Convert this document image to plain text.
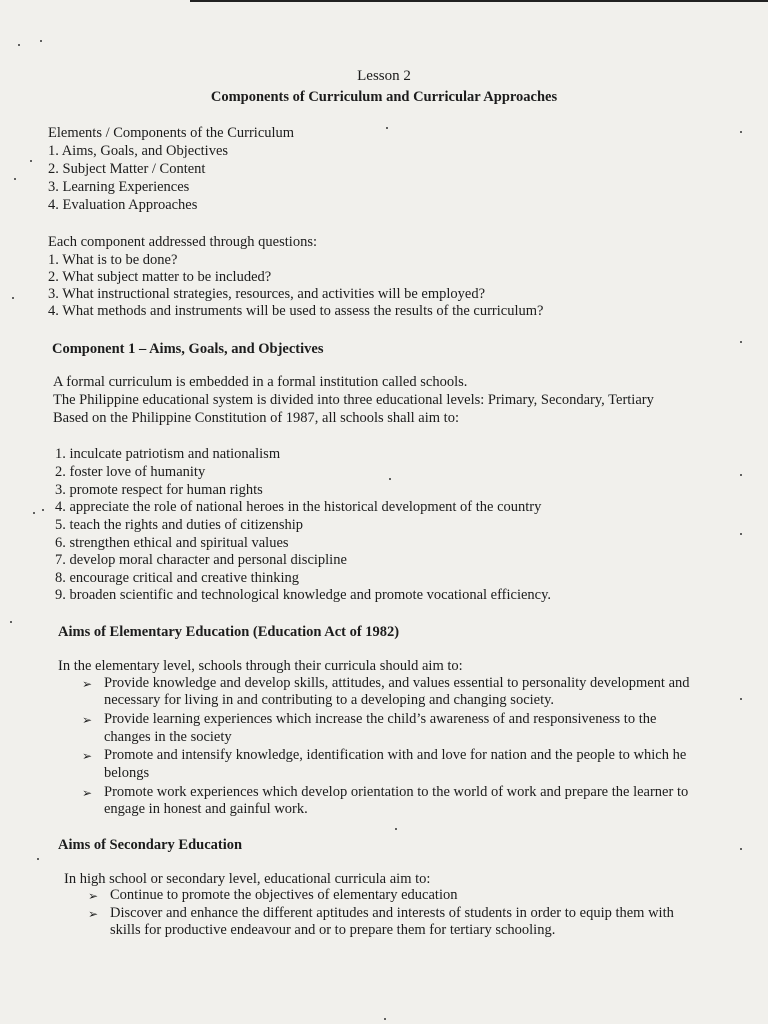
Lesson 2
Components of Curriculum and Curricular Approaches
Elements / Components of the Curriculum
1. Aims, Goals, and Objectives
2. Subject Matter / Content
3. Learning Experiences
4. Evaluation Approaches
Each component addressed through questions:
1. What is to be done?
2. What subject matter to be included?
3. What instructional strategies, resources, and activities will be employed?
4. What methods and instruments will be used to assess the results of the curriculum?
Component 1 – Aims, Goals, and Objectives
A formal curriculum is embedded in a formal institution called schools.
The Philippine educational system is divided into three educational levels: Primary, Secondary, Tertiary
Based on the Philippine Constitution of 1987, all schools shall aim to:
1. inculcate patriotism and nationalism
2. foster love of humanity
3. promote respect for human rights
4. appreciate the role of national heroes in the historical development of the country
5. teach the rights and duties of citizenship
6. strengthen ethical and spiritual values
7. develop moral character and personal discipline
8. encourage critical and creative thinking
9. broaden scientific and technological knowledge and promote vocational efficiency.
Aims of Elementary Education (Education Act of 1982)
In the elementary level, schools through their curricula should aim to:
➢ Provide knowledge and develop skills, attitudes, and values essential to personality development and
necessary for living in and contributing to a developing and changing society.
➢ Provide learning experiences which increase the child’s awareness of and responsiveness to the
changes in the society
➢ Promote and intensify knowledge, identification with and love for nation and the people to which he
belongs
➢ Promote work experiences which develop orientation to the world of work and prepare the learner to
engage in honest and gainful work.
Aims of Secondary Education
In high school or secondary level, educational curricula aim to:
➢ Continue to promote the objectives of elementary education
➢ Discover and enhance the different aptitudes and interests of students in order to equip them with
skills for productive endeavour and or to prepare them for tertiary schooling.
